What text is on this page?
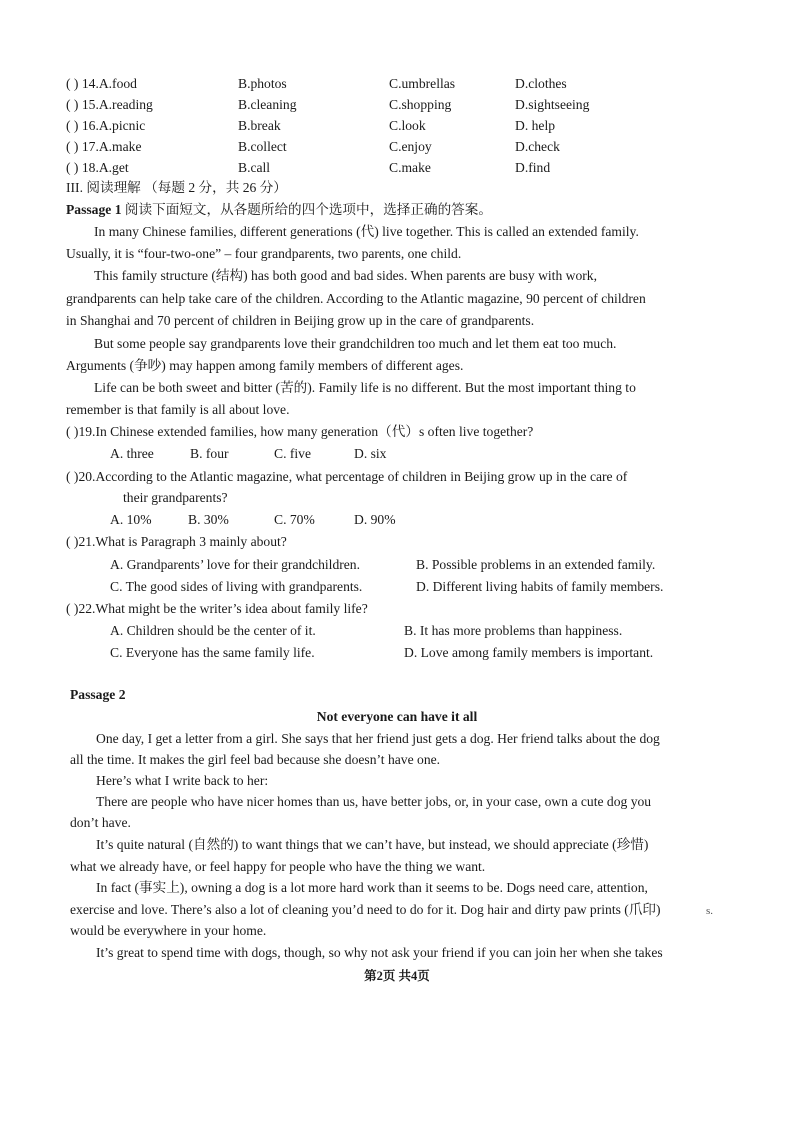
( ) 14.A.food	B.photos	C.umbrellas	D.clothes
( ) 15.A.reading	B.cleaning	C.shopping	D.sightseeing
( ) 16.A.picnic	B.break	C.look	D. help
( ) 17.A.make	B.collect	C.enjoy	D.check
( ) 18.A.get	B.call	C.make	D.find
III. 阅读理解 （每题 2 分，共 26 分）
Passage 1 阅读下面短文，从各题所给的四个选项中，选择正确的答案。
In many Chinese families, different generations (代) live together. This is called an extended family.
Usually, it is “four-two-one” – four grandparents, two parents, one child.
This family structure (结构) has both good and bad sides. When parents are busy with work,
grandparents can help take care of the children. According to the Atlantic magazine, 90 percent of children
in Shanghai and 70 percent of children in Beijing grow up in the care of grandparents.
But some people say grandparents love their grandchildren too much and let them eat too much.
Arguments (争吵) may happen among family members of different ages.
Life can be both sweet and bitter (苦的). Family life is no different. But the most important thing to
remember is that family is all about love.
( )19.In Chinese extended families, how many generation（代）s often live together?
A. three	B. four	C. five	D. six
( )20.According to the Atlantic magazine, what percentage of children in Beijing grow up in the care of
their grandparents?
A. 10%	B. 30%	C. 70%	D. 90%
( )21.What is Paragraph 3 mainly about?
A. Grandparents’ love for their grandchildren.	B. Possible problems in an extended family.
C. The good sides of living with grandparents.	D. Different living habits of family members.
( )22.What might be the writer’s idea about family life?
A. Children should be the center of it.	B. It has more problems than happiness.
C. Everyone has the same family life.	D. Love among family members is important.
Passage 2
Not everyone can have it all
One day, I get a letter from a girl. She says that her friend just gets a dog. Her friend talks about the dog
all the time. It makes the girl feel bad because she doesn’t have one.
Here’s what I write back to her:
There are people who have nicer homes than us, have better jobs, or, in your case, own a cute dog you
don’t have.
It’s quite natural (自然的) to want things that we can’t have, but instead, we should appreciate (珍惜)
what we already have, or feel happy for people who have the thing we want.
In fact (事实上), owning a dog is a lot more hard work than it seems to be. Dogs need care, attention,
exercise and love. There’s also a lot of cleaning you’d need to do for it. Dog hair and dirty paw prints (爪印)
would be everywhere in your home.
It’s great to spend time with dogs, though, so why not ask your friend if you can join her when she takes
s.
第2页 共4页
